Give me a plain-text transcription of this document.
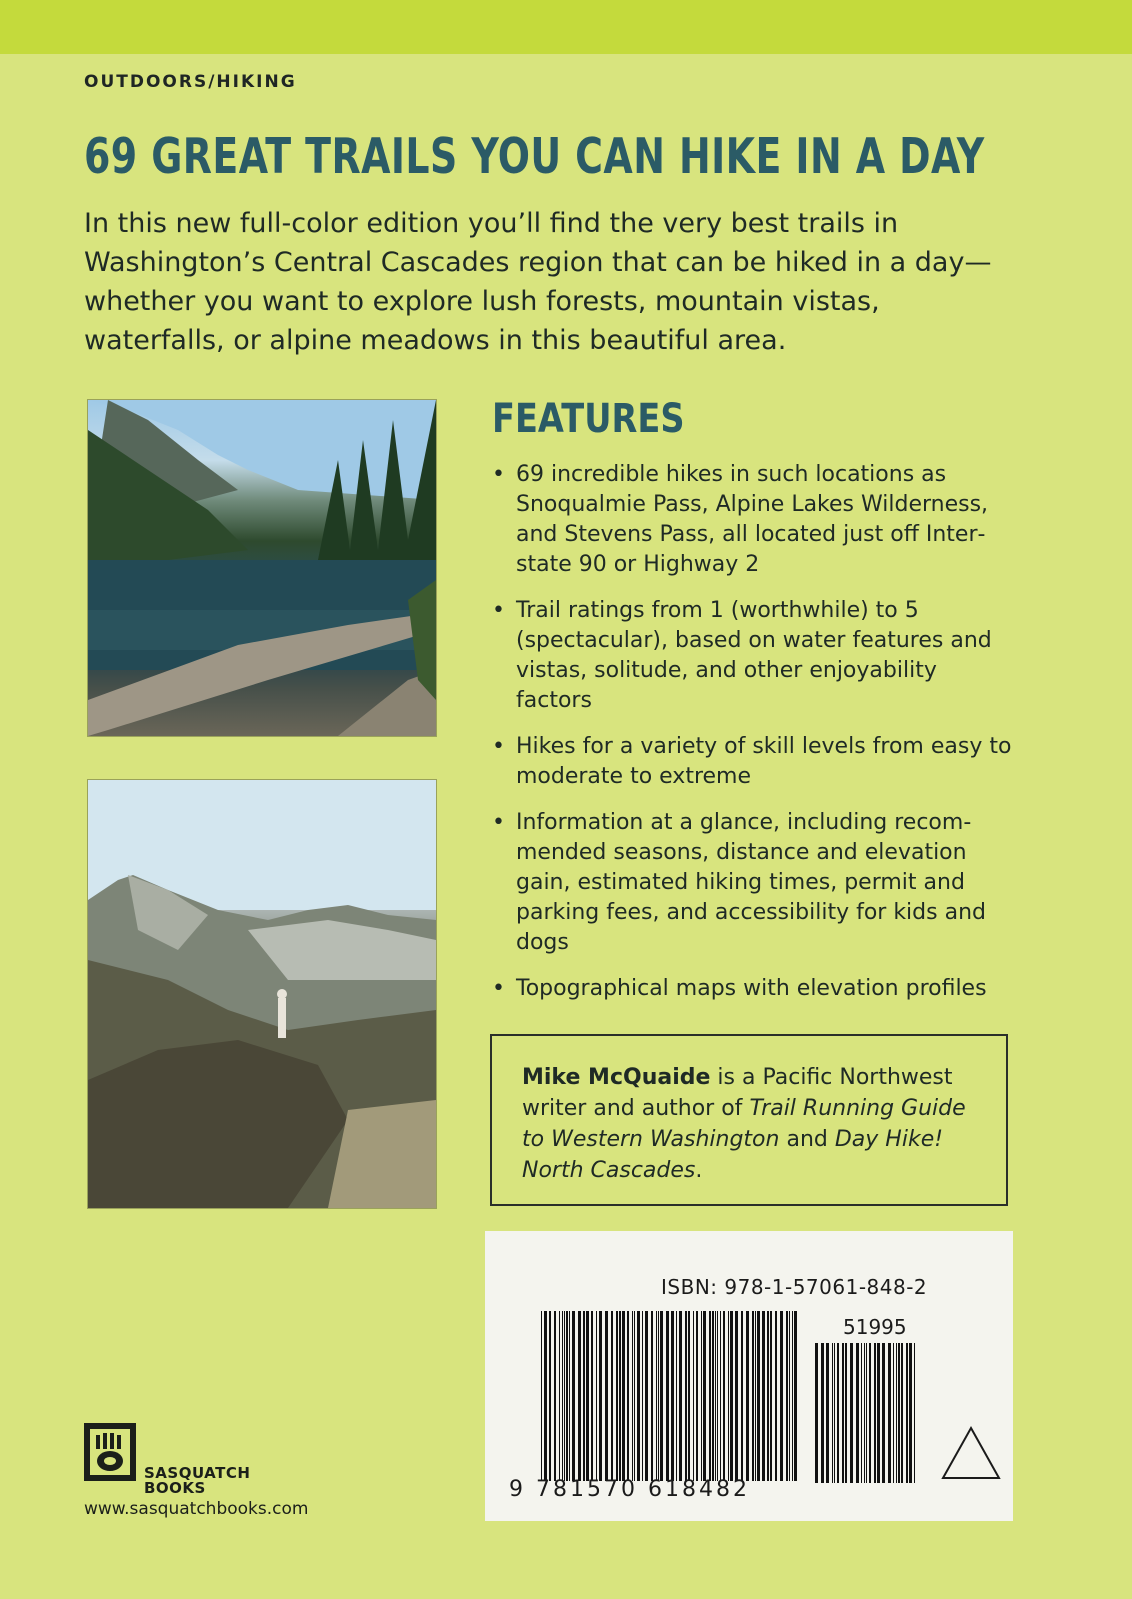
OUTDOORS/HIKING
69 GREAT TRAILS YOU CAN HIKE IN A DAY

In this new full-color edition you’ll find the very best trails in Washington’s Central Cascades region that can be hiked in a day—whether you want to explore lush forests, mountain vistas, waterfalls, or alpine meadows in this beautiful area.

FEATURES
• 69 incredible hikes in such locations as Snoqualmie Pass, Alpine Lakes Wilderness, and Stevens Pass, all located just off Interstate 90 or Highway 2
• Trail ratings from 1 (worthwhile) to 5 (spectacular), based on water features and vistas, solitude, and other enjoyability factors
• Hikes for a variety of skill levels from easy to moderate to extreme
• Information at a glance, including recommended seasons, distance and elevation gain, estimated hiking times, permit and parking fees, and accessibility for kids and dogs
• Topographical maps with elevation profiles
Mike McQuaide is a Pacific Northwest writer and author of Trail Running Guide to Western Washington and Day Hike! North Cascades.
ISBN: 978-1-57061-848-2
9 781570 618482
51995
SASQUATCH
BOOKS
www.sasquatchbooks.com
